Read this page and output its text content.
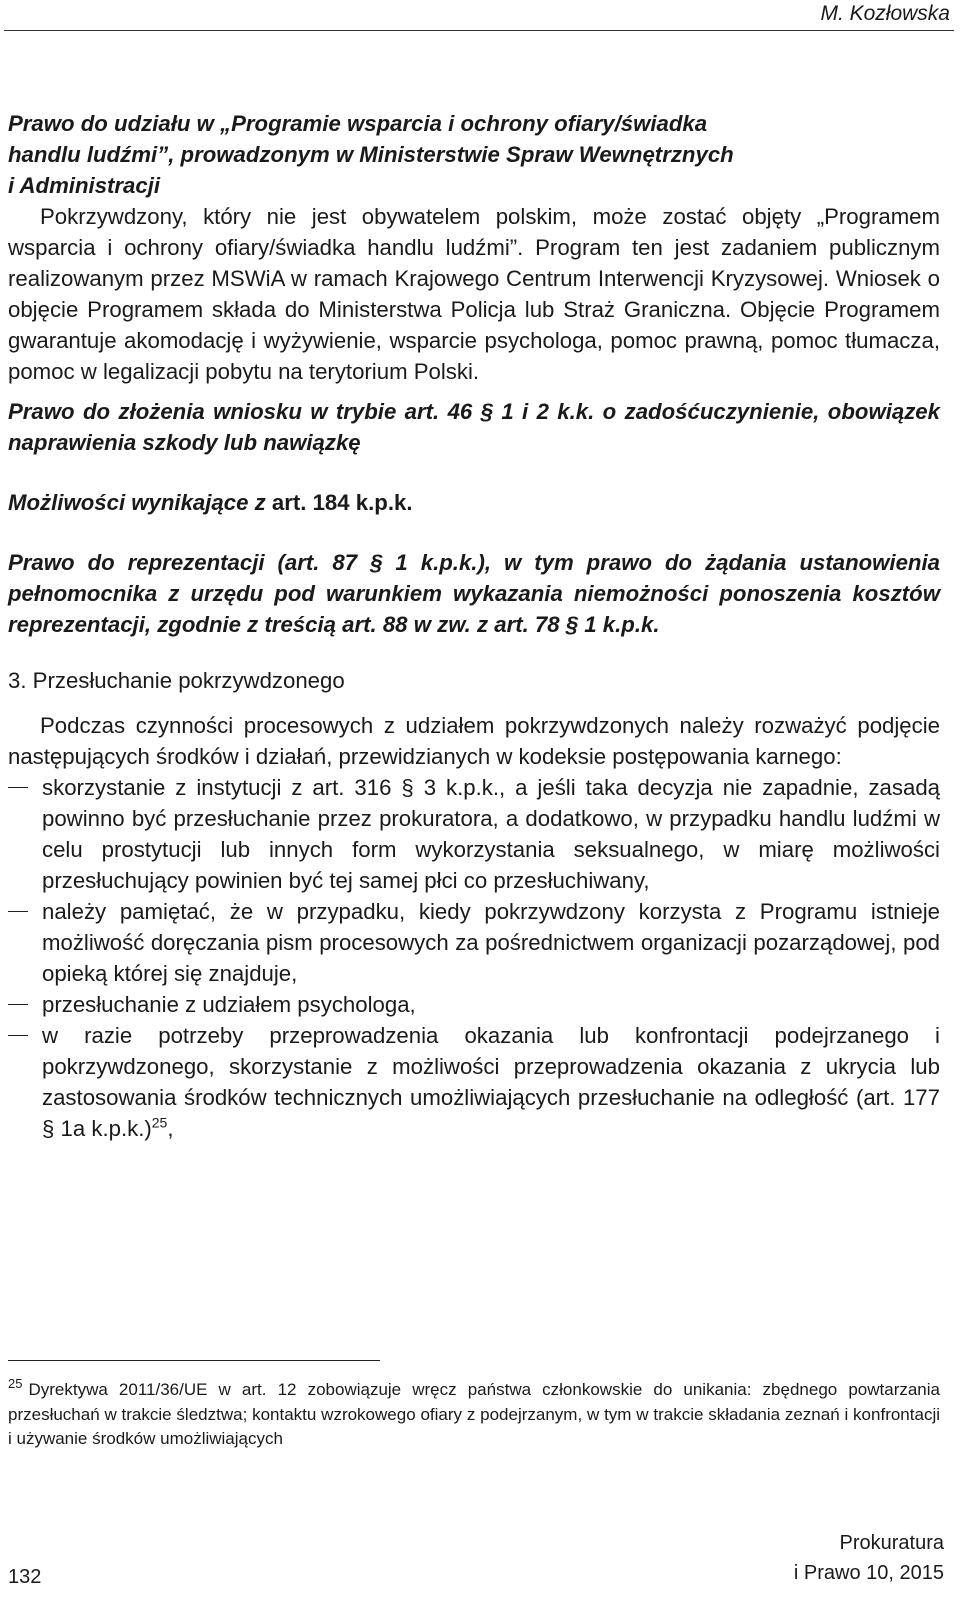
M. Kozłowska
Prawo do udziału w „Programie wsparcia i ochrony ofiary/świadka
handlu ludźmi”, prowadzonym w Ministerstwie Spraw Wewnętrznych
i Administracji

Pokrzywdzony, który nie jest obywatelem polskim, może zostać objęty „Programem wsparcia i ochrony ofiary/świadka handlu ludźmi”. Program ten jest zadaniem publicznym realizowanym przez MSWiA w ramach Krajowego Centrum Interwencji Kryzysowej. Wniosek o objęcie Programem składa do Ministerstwa Policja lub Straż Graniczna. Objęcie Programem gwarantuje akomodację i wyżywienie, wsparcie psychologa, pomoc prawną, pomoc tłumacza, pomoc w legalizacji pobytu na terytorium Polski.

Prawo do złożenia wniosku w trybie art. 46 § 1 i 2 k.k. o zadośćuczynienie, obowiązek naprawienia szkody lub nawiązkę

Możliwości wynikające z art. 184 k.p.k.

Prawo do reprezentacji (art. 87 § 1 k.p.k.), w tym prawo do żądania ustanowienia pełnomocnika z urzędu pod warunkiem wykazania niemożności ponoszenia kosztów reprezentacji, zgodnie z treścią art. 88 w zw. z art. 78 § 1 k.p.k.

3. Przesłuchanie pokrzywdzonego

Podczas czynności procesowych z udziałem pokrzywdzonych należy rozważyć podjęcie następujących środków i działań, przewidzianych w kodeksie postępowania karnego:

skorzystanie z instytucji z art. 316 § 3 k.p.k., a jeśli taka decyzja nie zapadnie, zasadą powinno być przesłuchanie przez prokuratora, a dodatkowo, w przypadku handlu ludźmi w celu prostytucji lub innych form wykorzystania seksualnego, w miarę możliwości przesłuchujący powinien być tej samej płci co przesłuchiwany,
należy pamiętać, że w przypadku, kiedy pokrzywdzony korzysta z Programu istnieje możliwość doręczania pism procesowych za pośrednictwem organizacji pozarządowej, pod opieką której się znajduje,
przesłuchanie z udziałem psychologa,
w razie potrzeby przeprowadzenia okazania lub konfrontacji podejrzanego i pokrzywdzonego, skorzystanie z możliwości przeprowadzenia okazania z ukrycia lub zastosowania środków technicznych umożliwiających przesłuchanie na odległość (art. 177 § 1a k.p.k.)$^{25}$,
$^{25}$ Dyrektywa 2011/36/UE w art. 12 zobowiązuje wręcz państwa członkowskie do unikania: zbędnego powtarzania przesłuchań w trakcie śledztwa; kontaktu wzrokowego ofiary z podejrzanym, w tym w trakcie składania zeznań i konfrontacji i używanie środków umożliwiających
132
Prokuratura
i Prawo 10, 2015
